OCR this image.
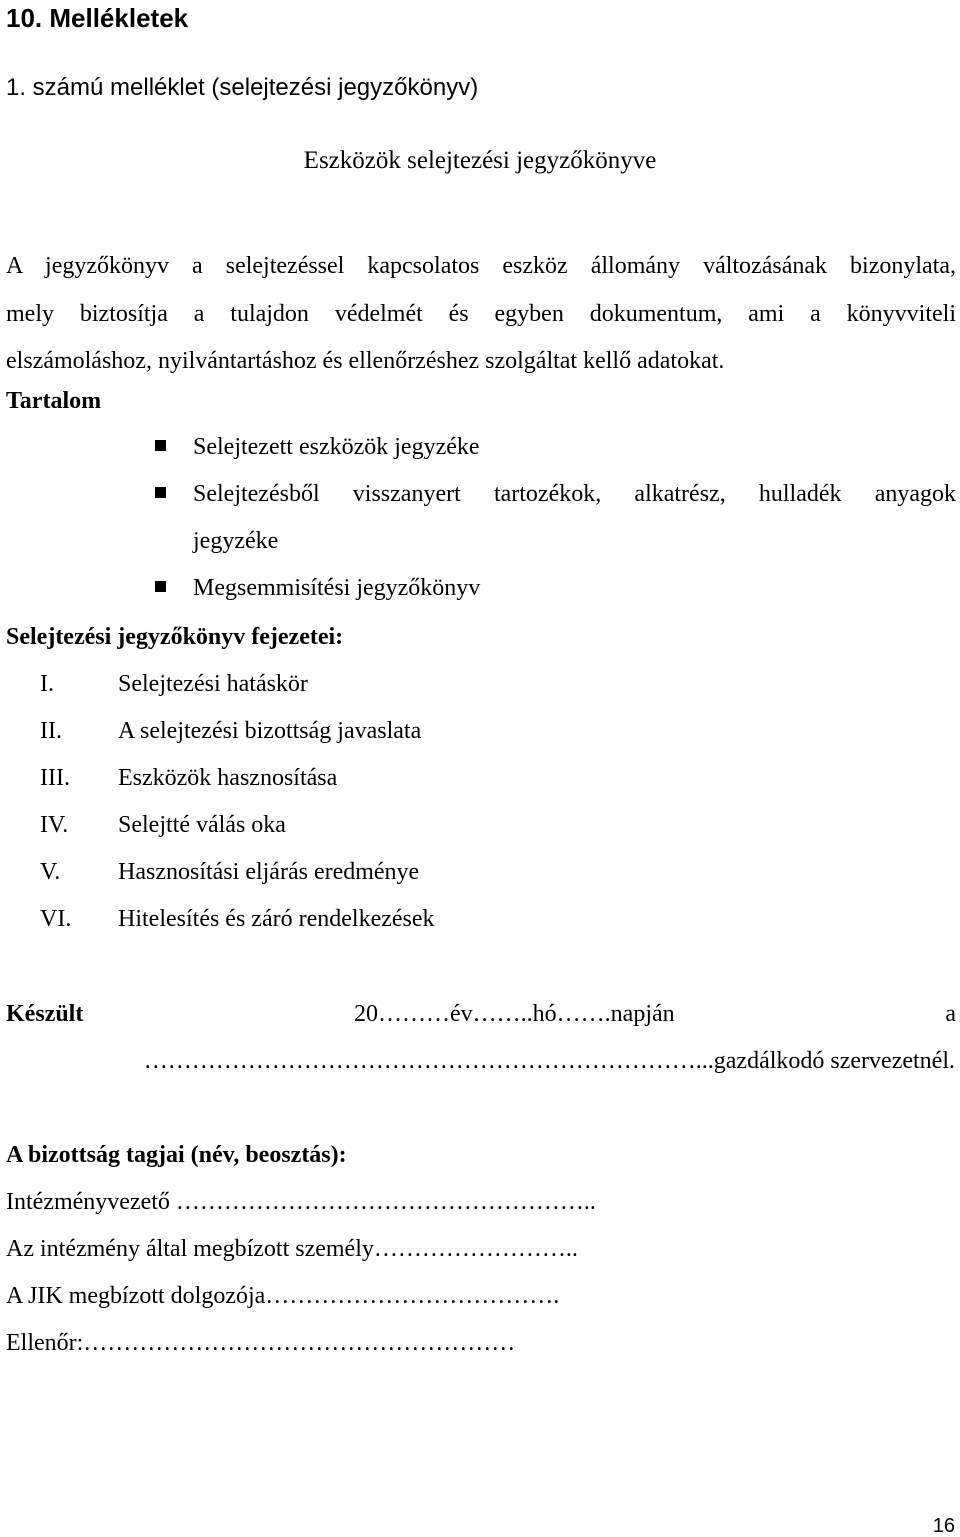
10. Mellékletek
1. számú melléklet (selejtezési jegyzőkönyv)
Eszközök selejtezési jegyzőkönyve
A jegyzőkönyv a selejtezéssel kapcsolatos eszköz állomány változásának bizonylata,
mely biztosítja a tulajdon védelmét és egyben dokumentum, ami a könyvviteli
elszámoláshoz, nyilvántartáshoz és ellenőrzéshez szolgáltat kellő adatokat.
Tartalom
Selejtezett eszközök jegyzéke
Selejtezésből visszanyert tartozékok, alkatrész, hulladék anyagok
jegyzéke
Megsemmisítési jegyzőkönyv
Selejtezési jegyzőkönyv fejezetei:
I.	Selejtezési hatáskör
II. A selejtezési bizottság javaslata
III. Eszközök hasznosítása
IV. Selejtté válás oka
V. Hasznosítási eljárás eredménye
VI. Hitelesítés és záró rendelkezések
Készült	20………év……..hó…….napján	a
……………………………………………………………...gazdálkodó szervezetnél.
A bizottság tagjai (név, beosztás):
Intézményvezető ……………………………………………..
Az intézmény által megbízott személy……………………..
A JIK megbízott dolgozója……………………………….
Ellenőr:………………………………………………
16
